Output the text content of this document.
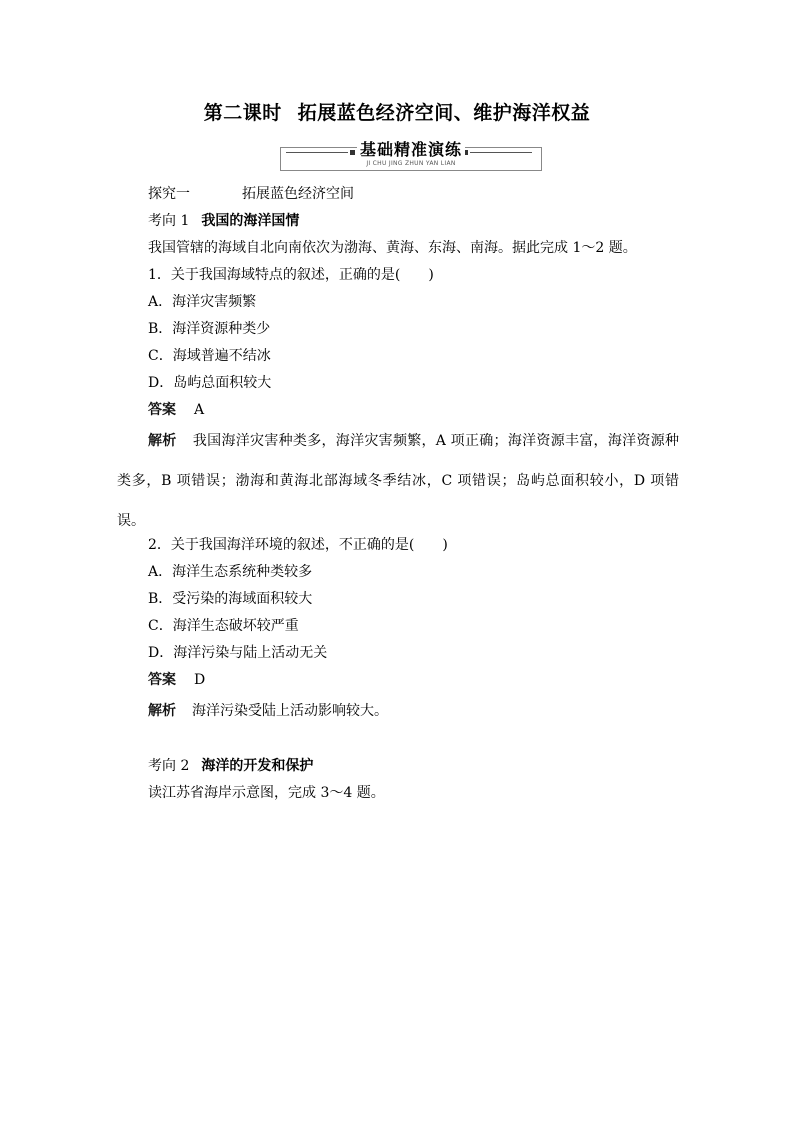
第二课时 拓展蓝色经济空间、维护海洋权益
基础精准演练
JI CHU JING ZHUN YAN LIAN
探究一	拓展蓝色经济空间
考向 1 我国的海洋国情
我国管辖的海域自北向南依次为渤海、黄海、东海、南海。据此完成 1～2 题。
1．关于我国海域特点的叙述，正确的是(　　)
A．海洋灾害频繁
B．海洋资源种类少
C．海域普遍不结冰
D．岛屿总面积较大
答案 A
解析 我国海洋灾害种类多，海洋灾害频繁，A 项正确；海洋资源丰富，海洋资源种类多，B 项错误；渤海和黄海北部海域冬季结冰，C 项错误；岛屿总面积较小，D 项错误。
2．关于我国海洋环境的叙述，不正确的是(　　)
A．海洋生态系统种类较多
B．受污染的海域面积较大
C．海洋生态破坏较严重
D．海洋污染与陆上活动无关
答案 D
解析 海洋污染受陆上活动影响较大。
考向 2 海洋的开发和保护
读江苏省海岸示意图，完成 3～4 题。
